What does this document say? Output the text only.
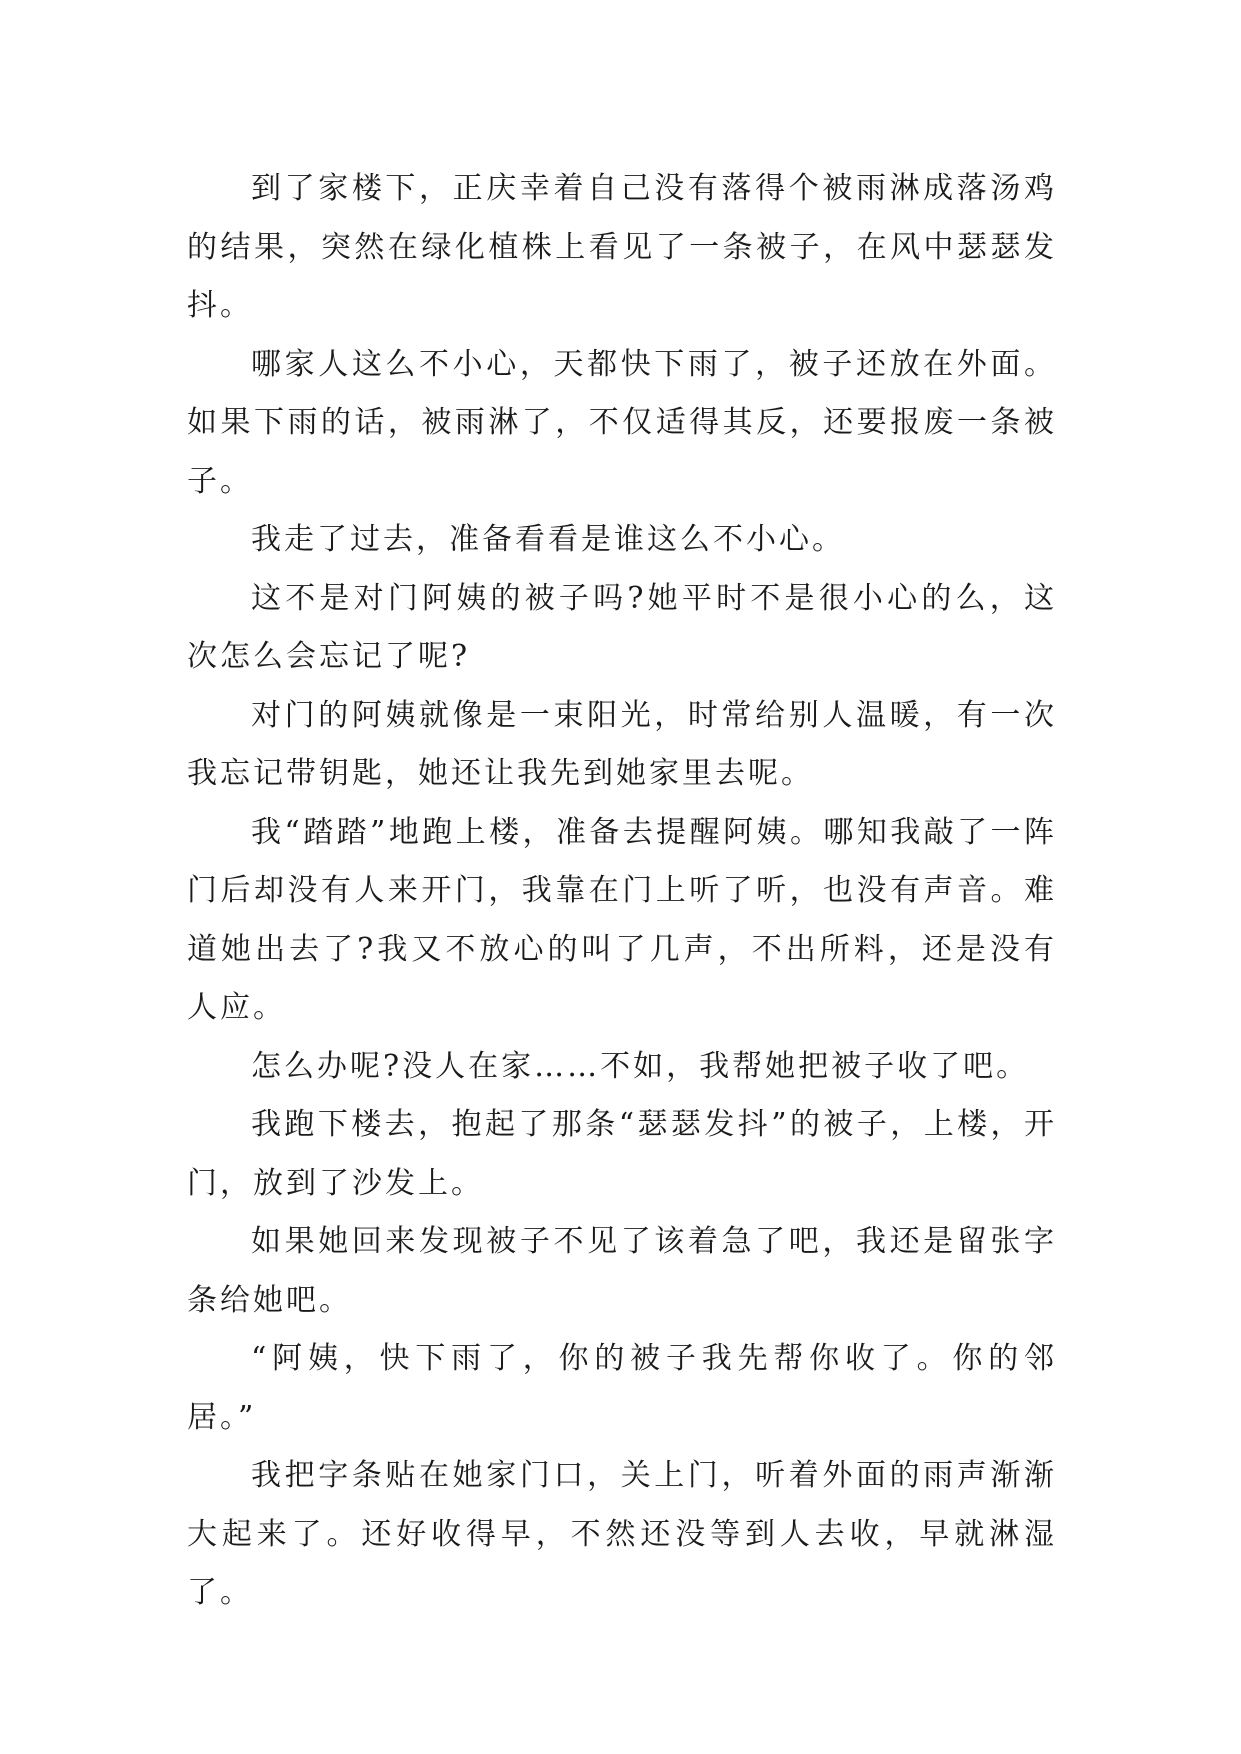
到了家楼下，正庆幸着自己没有落得个被雨淋成落汤鸡的结果，突然在绿化植株上看见了一条被子，在风中瑟瑟发抖。

哪家人这么不小心，天都快下雨了，被子还放在外面。如果下雨的话，被雨淋了，不仅适得其反，还要报废一条被子。

我走了过去，准备看看是谁这么不小心。

这不是对门阿姨的被子吗?她平时不是很小心的么，这次怎么会忘记了呢?

对门的阿姨就像是一束阳光，时常给别人温暖，有一次我忘记带钥匙，她还让我先到她家里去呢。

我“踏踏”地跑上楼，准备去提醒阿姨。哪知我敲了一阵门后却没有人来开门，我靠在门上听了听，也没有声音。难道她出去了?我又不放心的叫了几声，不出所料，还是没有人应。

怎么办呢?没人在家……不如，我帮她把被子收了吧。

我跑下楼去，抱起了那条“瑟瑟发抖”的被子，上楼，开门，放到了沙发上。

如果她回来发现被子不见了该着急了吧，我还是留张字条给她吧。

“阿姨，快下雨了，你的被子我先帮你收了。你的邻居。”

我把字条贴在她家门口，关上门，听着外面的雨声渐渐大起来了。还好收得早，不然还没等到人去收，早就淋湿了。
